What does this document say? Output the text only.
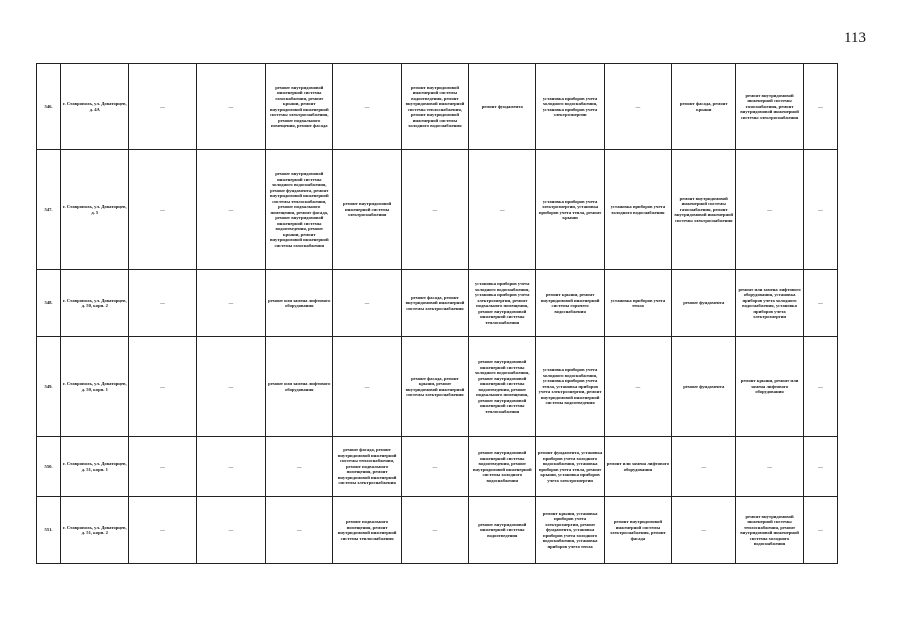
113
546.	г. Ставрополь, ул. Доваторцев, д. 4А	—	—	ремонт внутридомовой инженерной системы газоснабжения, ремонт крыши, ремонт внутридомовой инженерной системы электроснабжения, ремонт подвального помещения, ремонт фасада	—	ремонт внутридомовой инженерной системы водоотведения, ремонт внутридомовой инженерной системы теплоснабжения, ремонт внутридомовой инженерной системы холодного водоснабжения	ремонт фундамента	установка приборов учета холодного водоснабжения, установка приборов учета электроэнергии	—	ремонт фасада, ремонт крыши	ремонт внутридомовой инженерной системы газоснабжения, ремонт внутридомовой инженерной системы электроснабжения	—
547.	г. Ставрополь, ул. Доваторцев, д. 5	—	—	ремонт внутридомовой инженерной системы холодного водоснабжения, ремонт фундамента, ремонт внутридомовой инженерной системы теплоснабжения, ремонт подвального помещения, ремонт фасада, ремонт внутридомовой инженерной системы водоотведения, ремонт крыши, ремонт внутридомовой инженерной системы газоснабжения	ремонт внутридомовой инженерной системы электроснабжения	—	—	установка приборов учета электроэнергии, установка приборов учета тепла, ремонт крыши	установка приборов учета холодного водоснабжения	ремонт внутридомовой инженерной системы газоснабжения, ремонт внутридомовой инженерной системы электроснабжения	—	—
548.	г. Ставрополь, ул. Доваторцев, д. 50, корп. 2	—	—	ремонт или замена лифтового оборудования	—	ремонт фасада, ремонт внутридомовой инженерной системы электроснабжения	установка приборов учета холодного водоснабжения, установка приборов учета электроэнергии, ремонт подвального помещения, ремонт внутридомовой инженерной системы теплоснабжения	ремонт крыши, ремонт внутридомовой инженерной системы горячего водоснабжения	установка приборов учета тепла	ремонт фундамента	ремонт или замена лифтового оборудования, установка приборов учета холодного водоснабжения, установка приборов учета электроэнергии	—
549.	г. Ставрополь, ул. Доваторцев, д. 50, корп. 1	—	—	ремонт или замена лифтового оборудования	—	ремонт фасада, ремонт крыши, ремонт внутридомовой инженерной системы электроснабжения	ремонт внутридомовой инженерной системы холодного водоснабжения, ремонт внутридомовой инженерной системы водоотведения, ремонт подвального помещения, ремонт внутридомовой инженерной системы теплоснабжения	установка приборов учета холодного водоснабжения, установка приборов учета тепла, установка приборов учета электроэнергии, ремонт внутридомовой инженерной системы водоотведения	—	ремонт фундамента	ремонт крыши, ремонт или замена лифтового оборудования	—
550.	г. Ставрополь, ул. Доваторцев, д. 51, корп. 1	—	—	—	ремонт фасада, ремонт внутридомовой инженерной системы теплоснабжения, ремонт подвального помещения, ремонт внутридомовой инженерной системы электроснабжения	—	ремонт внутридомовой инженерной системы водоотведения, ремонт внутридомовой инженерной системы холодного водоснабжения	ремонт фундамента, установка приборов учета холодного водоснабжения, установка приборов учета тепла, ремонт крыши, установка приборов учета электроэнергии	ремонт или замена лифтового оборудования	—	—	—
551.	г. Ставрополь, ул. Доваторцев, д. 51, корп. 2	—	—	—	ремонт подвального помещения, ремонт внутридомовой инженерной системы теплоснабжения	—	ремонт внутридомовой инженерной системы водоотведения	ремонт крыши, установка приборов учета электроэнергии, ремонт фундамента, установка приборов учета холодного водоснабжения, установка приборов учета тепла	ремонт внутридомовой инженерной системы электроснабжения, ремонт фасада	—	ремонт внутридомовой инженерной системы теплоснабжения, ремонт внутридомовой инженерной системы холодного водоснабжения	—
